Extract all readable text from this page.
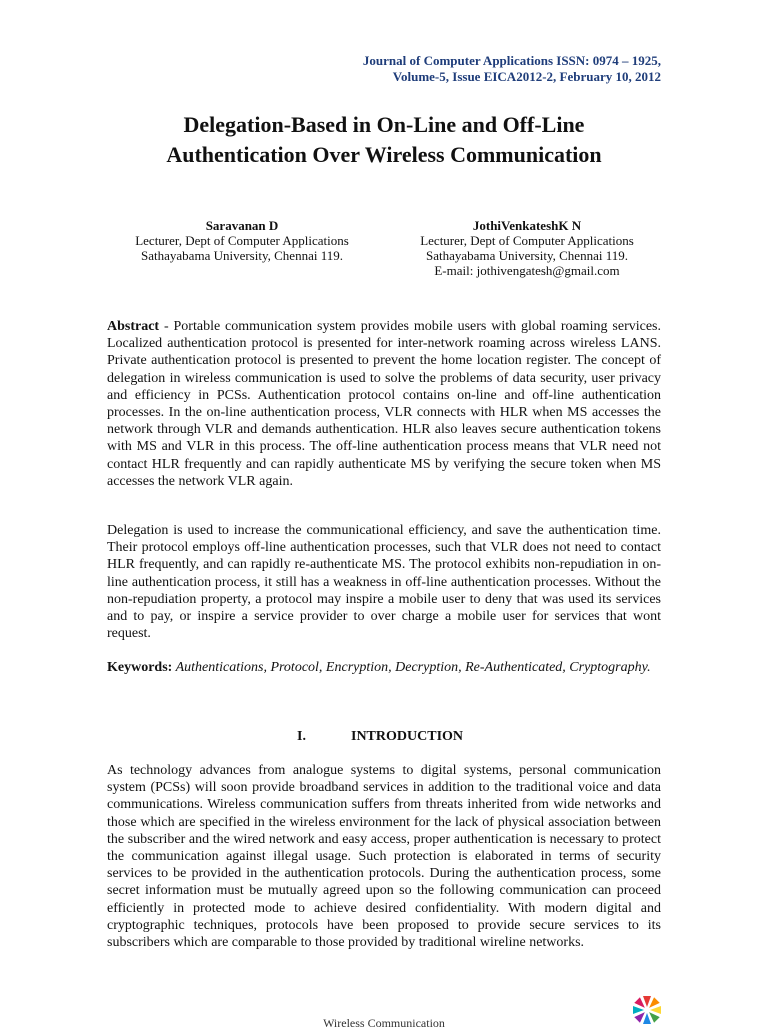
Journal of Computer Applications ISSN: 0974 – 1925,
Volume-5, Issue EICA2012-2, February 10, 2012
Delegation-Based in On-Line and Off-Line
Authentication Over Wireless Communication
Saravanan D
Lecturer, Dept of Computer Applications
Sathayabama University, Chennai 119.
JothiVenkateshK N
Lecturer, Dept of Computer Applications
Sathayabama University, Chennai 119.
E-mail: jothivengatesh@gmail.com
Abstract - Portable communication system provides mobile users with global roaming services. Localized authentication protocol is presented for inter-network roaming across wireless LANS. Private authentication protocol is presented to prevent the home location register. The concept of delegation in wireless communication is used to solve the problems of data security, user privacy and efficiency in PCSs. Authentication protocol contains on-line and off-line authentication processes. In the on-line authentication process, VLR connects with HLR when MS accesses the network through VLR and demands authentication. HLR also leaves secure authentication tokens with MS and VLR in this process. The off-line authentication process means that VLR need not contact HLR frequently and can rapidly authenticate MS by verifying the secure token when MS accesses the network VLR again.
Delegation is used to increase the communicational efficiency, and save the authentication time. Their protocol employs off-line authentication processes, such that VLR does not need to contact HLR frequently, and can rapidly re-authenticate MS. The protocol exhibits non-repudiation in on-line authentication process, it still has a weakness in off-line authentication processes. Without the non-repudiation property, a protocol may inspire a mobile user to deny that was used its services and to pay, or inspire a service provider to over charge a mobile user for services that wont request.
Keywords: Authentications, Protocol, Encryption, Decryption, Re-Authenticated, Cryptography.
I.	INTRODUCTION
As technology advances from analogue systems to digital systems, personal communication system (PCSs) will soon provide broadband services in addition to the traditional voice and data communications. Wireless communication suffers from threats inherited from wide networks and those which are specified in the wireless environment for the lack of physical association between the subscriber and the wired network and easy access, proper authentication is necessary to protect the communication against illegal usage. Such protection is elaborated in terms of security services to be provided in the authentication protocols. During the authentication process, some secret information must be mutually agreed upon so the following communication can proceed efficiently in protected mode to achieve desired confidentiality. With modern digital and cryptographic techniques, protocols have been proposed to provide secure services to its subscribers which are comparable to those provided by traditional wireline networks.
Wireless Communication
